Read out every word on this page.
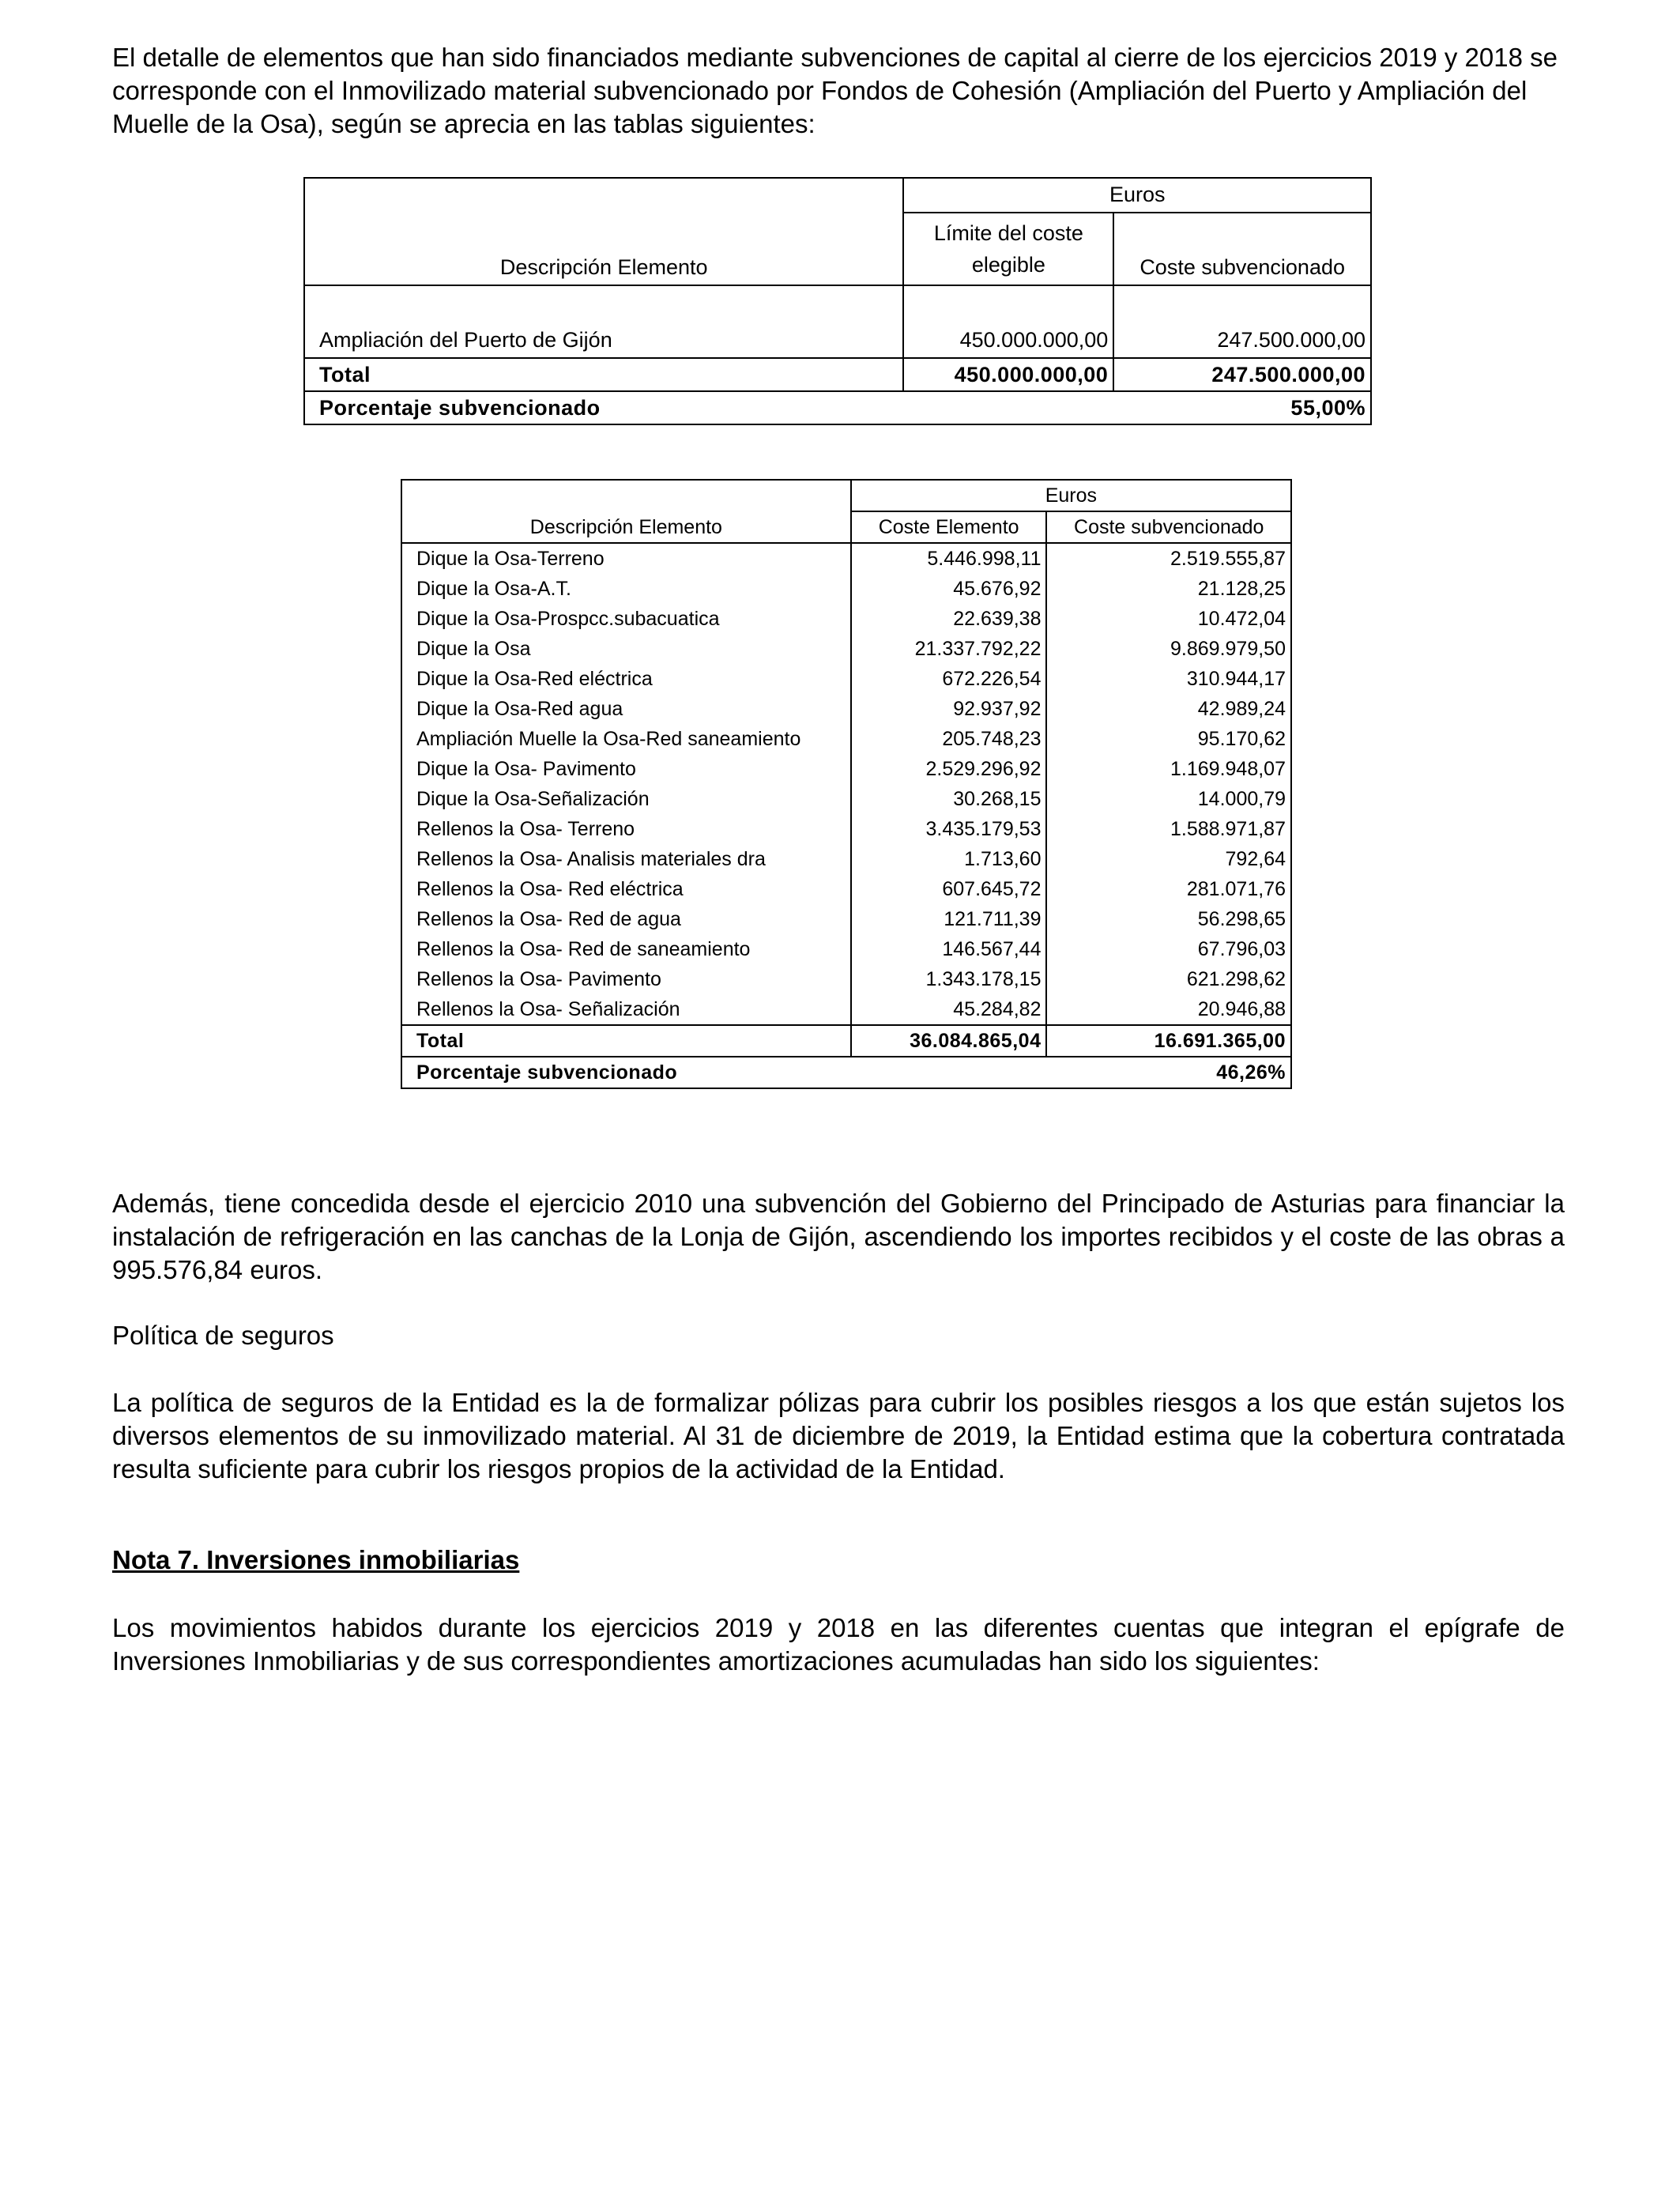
El detalle de elementos que han sido financiados mediante subvenciones de capital al cierre de los ejercicios 2019 y 2018 se corresponde con el Inmovilizado material subvencionado por Fondos de Cohesión (Ampliación del Puerto y Ampliación del Muelle de la Osa), según se aprecia en las tablas siguientes:

Descripción Elemento	Euros	
	Límite del coste elegible	Coste subvencionado
Ampliación del Puerto de Gijón	450.000.000,00	247.500.000,00
Total	450.000.000,00	247.500.000,00
Porcentaje subvencionado		55,00%
Descripción Elemento	Euros	
	Coste Elemento	Coste subvencionado
Dique la Osa-Terreno	5.446.998,11	2.519.555,87
Dique la Osa-A.T.	45.676,92	21.128,25
Dique la Osa-Prospcc.subacuatica	22.639,38	10.472,04
Dique la Osa	21.337.792,22	9.869.979,50
Dique la Osa-Red eléctrica	672.226,54	310.944,17
Dique la Osa-Red agua	92.937,92	42.989,24
Ampliación Muelle la Osa-Red saneamiento	205.748,23	95.170,62
Dique la Osa- Pavimento	2.529.296,92	1.169.948,07
Dique la Osa-Señalización	30.268,15	14.000,79
Rellenos la Osa- Terreno	3.435.179,53	1.588.971,87
Rellenos la Osa- Analisis materiales dra	1.713,60	792,64
Rellenos la Osa- Red eléctrica	607.645,72	281.071,76
Rellenos la Osa- Red de agua	121.711,39	56.298,65
Rellenos la Osa- Red de saneamiento	146.567,44	67.796,03
Rellenos la Osa- Pavimento	1.343.178,15	621.298,62
Rellenos la Osa- Señalización	45.284,82	20.946,88
Total	36.084.865,04	16.691.365,00
Porcentaje subvencionado		46,26%

Además, tiene concedida desde el ejercicio 2010 una subvención del Gobierno del Principado de Asturias para financiar la instalación de refrigeración en las canchas de la Lonja de Gijón, ascendiendo los importes recibidos y el coste de las obras a 995.576,84 euros.

Política de seguros

La política de seguros de la Entidad es la de formalizar pólizas para cubrir los posibles riesgos a los que están sujetos los diversos elementos de su inmovilizado material. Al 31 de diciembre de 2019, la Entidad estima que la cobertura contratada resulta suficiente para cubrir los riesgos propios de la actividad de la Entidad.

Nota 7. Inversiones inmobiliarias

Los movimientos habidos durante los ejercicios 2019 y 2018 en las diferentes cuentas que integran el epígrafe de Inversiones Inmobiliarias y de sus correspondientes amortizaciones acumuladas han sido los siguientes:
